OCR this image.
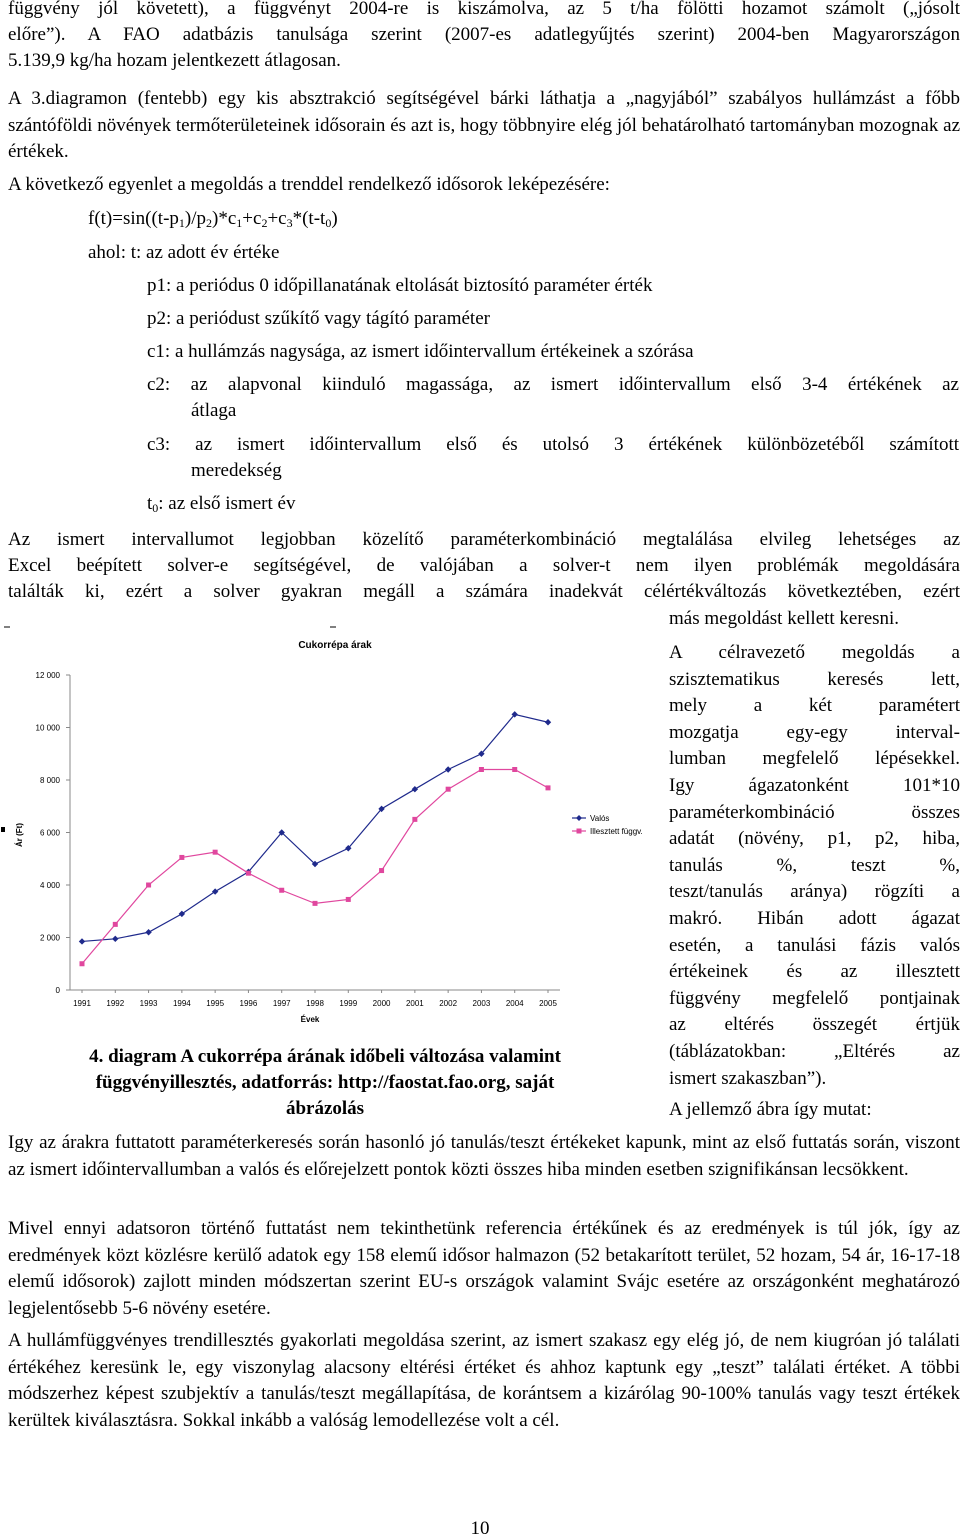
függvény jól követett), a függvényt 2004-re is kiszámolva, az 5 t/ha fölötti hozamot számolt („jósolt
előre”). A FAO adatbázis tanulsága szerint (2007-es adatlegyűjtés szerint) 2004-ben Magyarországon
5.139,9 kg/ha hozam jelentkezett átlagosan.

A 3.diagramon (fentebb) egy kis absztrakció segítségével bárki láthatja a „nagyjából” szabályos hullámzást a főbb szántóföldi növények termőterületeinek idősorain és azt is, hogy többnyire elég jól behatárolható tartományban mozognak az értékek.

A következő egyenlet a megoldás a trenddel rendelkező idősorok leképezésére:

$f(t)=\sin((t-p_1)/p_2)*c_1+c_2+c_3*(t-t_0)$
ahol: t: az adott év értéke
p1: a periódus 0 időpillanatának eltolását biztosító paraméter érték
p2: a periódust szűkítő vagy tágító paraméter
c1: a hullámzás nagysága, az ismert időintervallum értékeinek a szórása
c2: az alapvonal kiinduló magassága, az ismert időintervallum első 3-4 értékének az
átlaga
c3: az ismert időintervallum első és utolsó 3 értékének különbözetéből számított
meredekség
$t_0$: az első ismert év
Az ismert intervallumot legjobban közelítő paraméterkombináció megtalálása elvileg lehetséges az
Excel beépített solver-e segítségével, de valójában a solver-t nem ilyen problémák megoldására
találták ki, ezért a solver gyakran megáll a számára inadekvát célértékváltozás következtében, ezért
más megoldást kellett keresni.
A célravezető megoldás a
szisztematikus keresés lett,
mely a két paramétert
mozgatja egy-egy interval-
lumban megfelelő lépésekkel.
Igy ágazatonként 101*10
paraméterkombináció összes
adatát (növény, p1, p2, hiba,
tanulás %, teszt %,
teszt/tanulás aránya) rögzíti a
makró. Hibán adott ágazat
esetén, a tanulási fázis valós
értékeinek és az illesztett
függvény megfelelő pontjainak
az eltérés összegét értjük
(táblázatokban: „Eltérés az
ismert szakaszban”).
A jellemző ábra így mutat:
Cukorrépa árak
0
2 000
4 000
6 000
8 000
10 000
12 000
1991 1992 1993 1994 1995 1996 1997 1998 1999 2000 2001 2002 2003 2004 2005
Évek
Ár (Ft)
Valós
Illesztett függv.
4. diagram A cukorrépa árának időbeli változása valamint
függvényillesztés, adatforrás: http://faostat.fao.org, saját
ábrázolás

Igy az árakra futtatott paraméterkeresés során hasonló jó tanulás/teszt értékeket kapunk, mint az első futtatás során, viszont az ismert időintervallumban a valós és előrejelzett pontok közti összes hiba minden esetben szignifikánsan lecsökkent.

Mivel ennyi adatsoron történő futtatást nem tekinthetünk referencia értékűnek és az eredmények is túl jók, így az eredmények közt közlésre kerülő adatok egy 158 elemű idősor halmazon (52 betakarított terület, 52 hozam, 54 ár, 16-17-18 elemű idősorok) zajlott minden módszertan szerint EU-s országok valamint Svájc esetére az országonként meghatározó legjelentősebb 5-6 növény esetére.

A hullámfüggvényes trendillesztés gyakorlati megoldása szerint, az ismert szakasz egy elég jó, de nem kiugróan jó találati értékéhez keresünk le, egy viszonylag alacsony eltérési értéket és ahhoz kaptunk egy „teszt” találati értéket. A többi módszerhez képest szubjektív a tanulás/teszt megállapítása, de korántsem a kizárólag 90-100% tanulás vagy teszt értékek kerültek kiválasztásra. Sokkal inkább a valóság lemodellezése volt a cél.

10
